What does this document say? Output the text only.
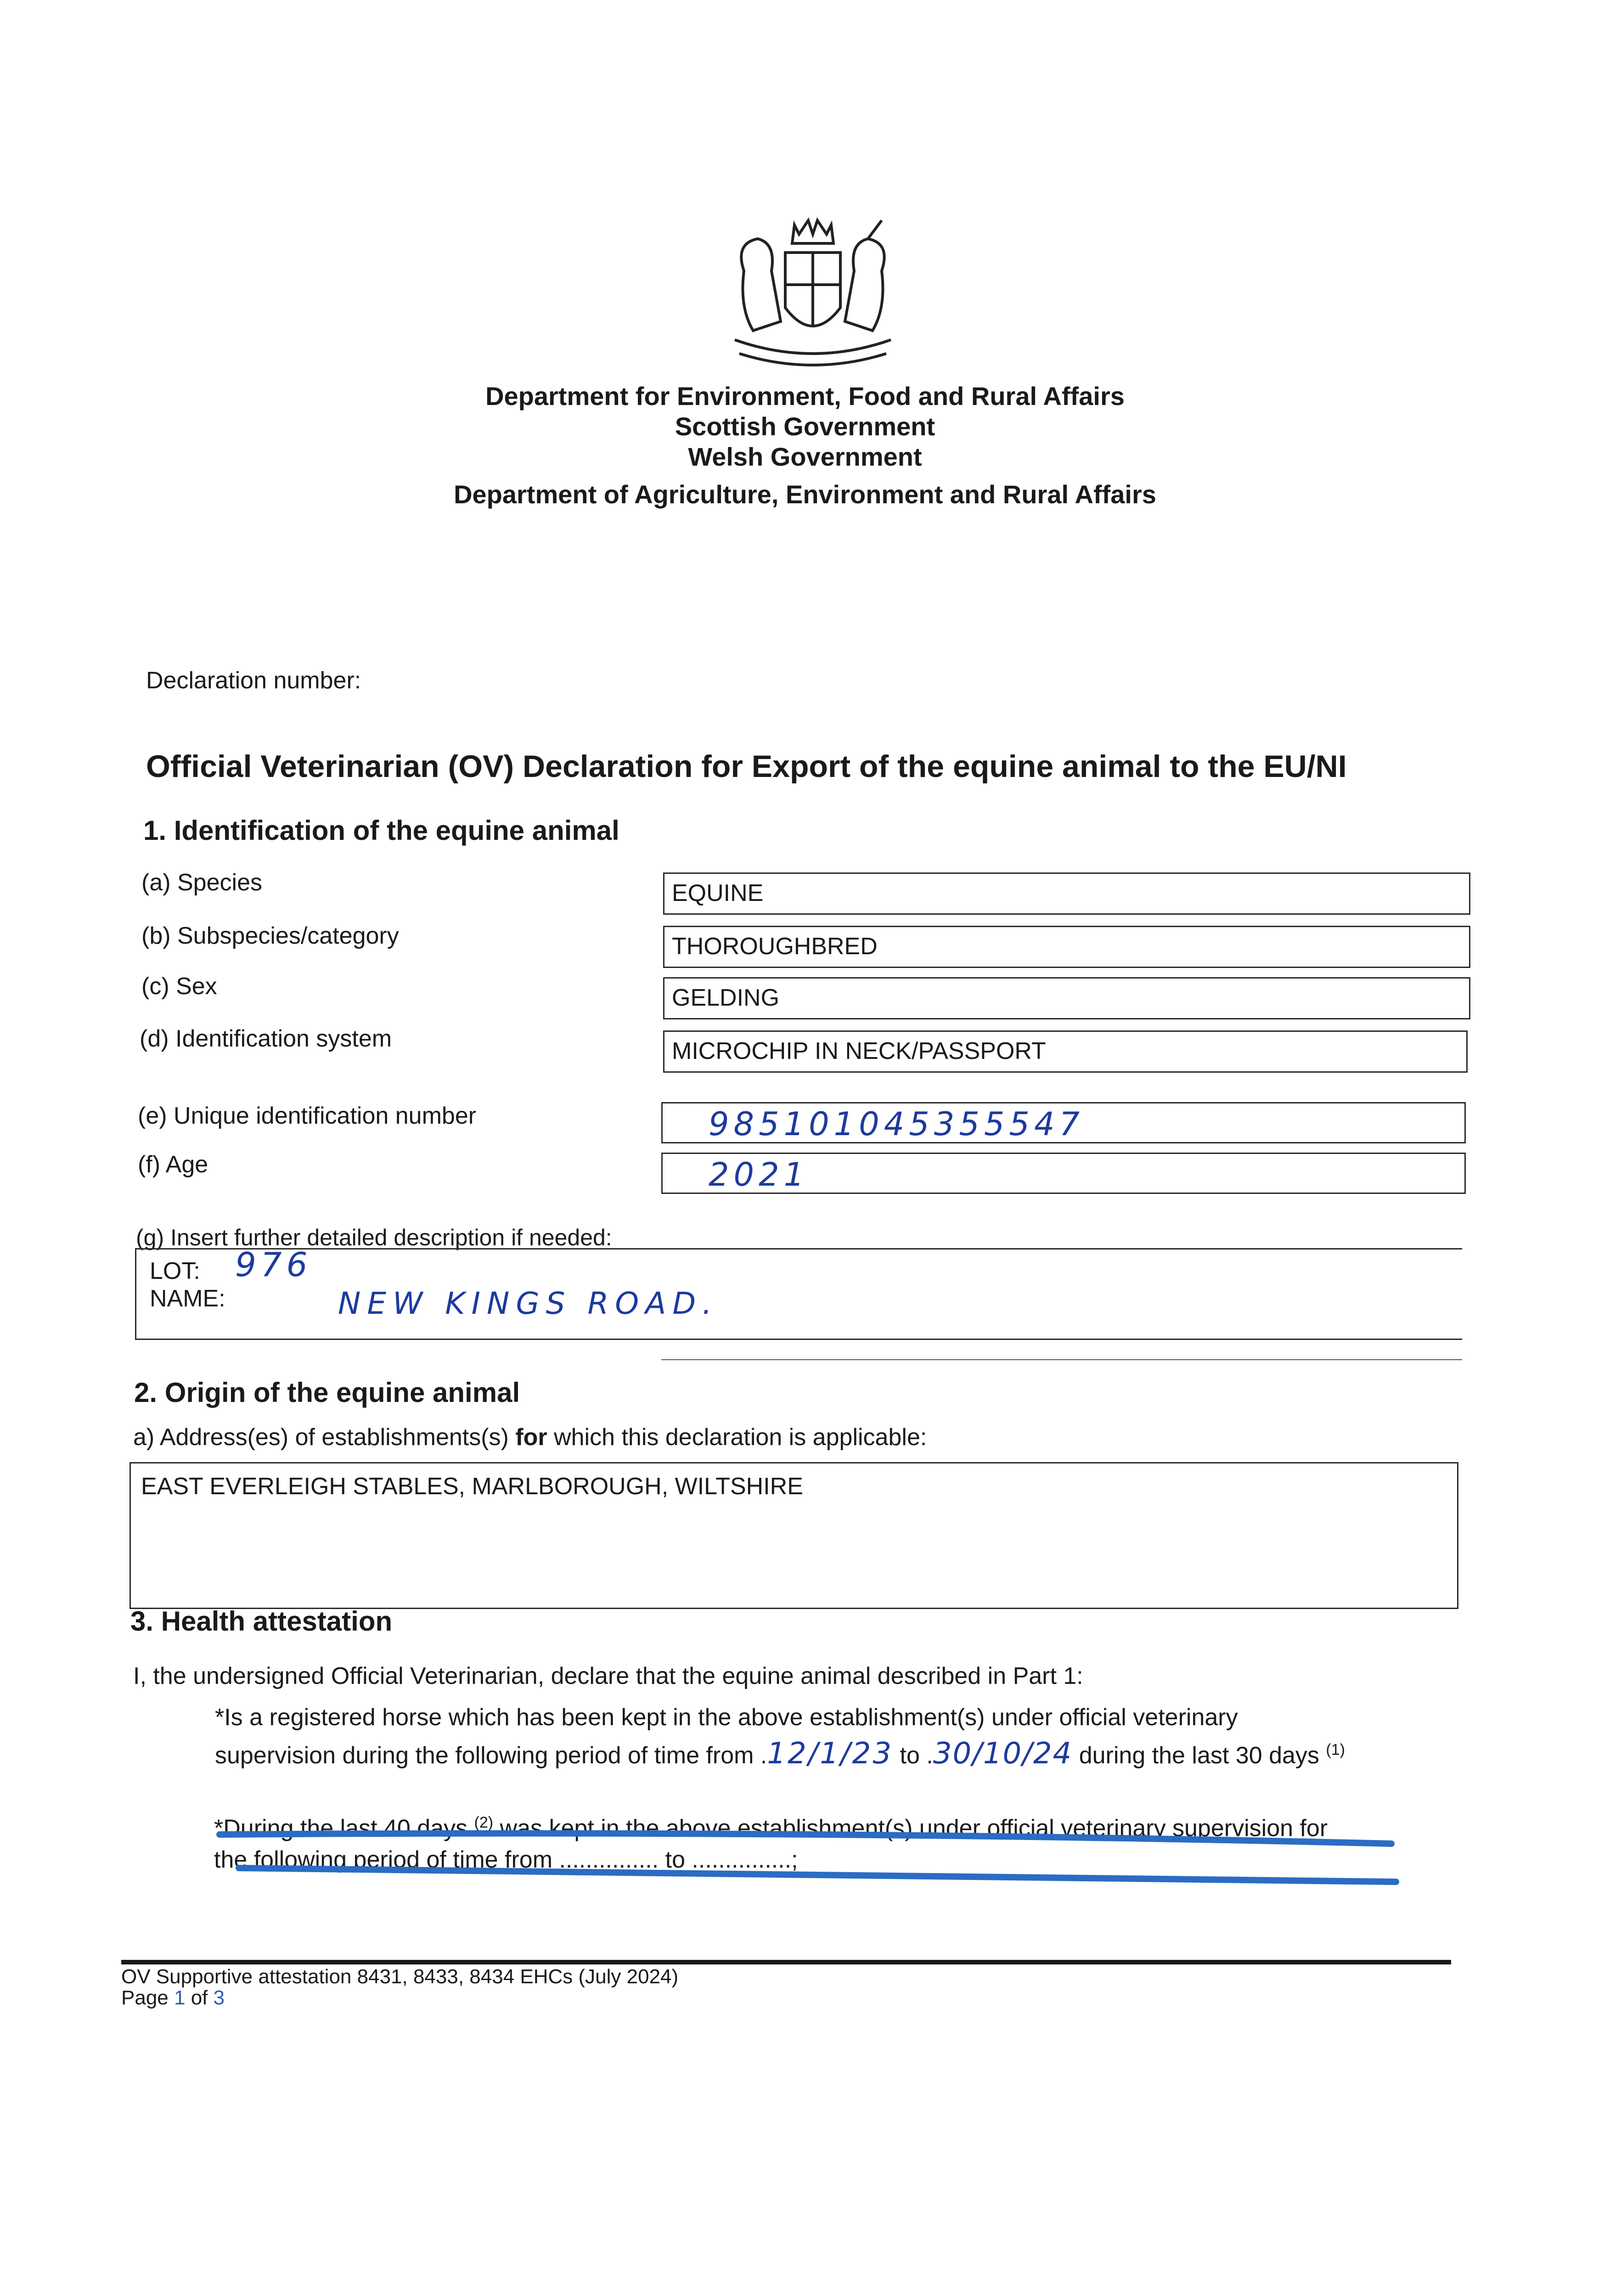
Department for Environment, Food and Rural Affairs
Scottish Government
Welsh Government
Department of Agriculture, Environment and Rural Affairs
Declaration number:
Official Veterinarian (OV) Declaration for Export of the equine animal to the EU/NI
1. Identification of the equine animal
(a) Species	EQUINE
(b) Subspecies/category	THOROUGHBRED
(c) Sex	GELDING
(d) Identification system	MICROCHIP IN NECK/PASSPORT
(e) Unique identification number	985101045355547
(f) Age	2021
(g) Insert further detailed description if needed:
LOT: 976
NAME:	NEW KINGS ROAD.
2. Origin of the equine animal
a) Address(es) of establishments(s) for which this declaration is applicable:
EAST EVERLEIGH STABLES, MARLBOROUGH, WILTSHIRE
3. Health attestation
I, the undersigned Official Veterinarian, declare that the equine animal described in Part 1:
*Is a registered horse which has been kept in the above establishment(s) under official veterinary
supervision during the following period of time from .12/1/23 to .30/10/24 during the last 30 days $^{(1)}$
*During the last 40 days $^{(2)}$ was kept in the above establishment(s) under official veterinary supervision for
the following period of time from ............... to ...............;
OV Supportive attestation 8431, 8433, 8434 EHCs (July 2024)
Page 1 of 3
